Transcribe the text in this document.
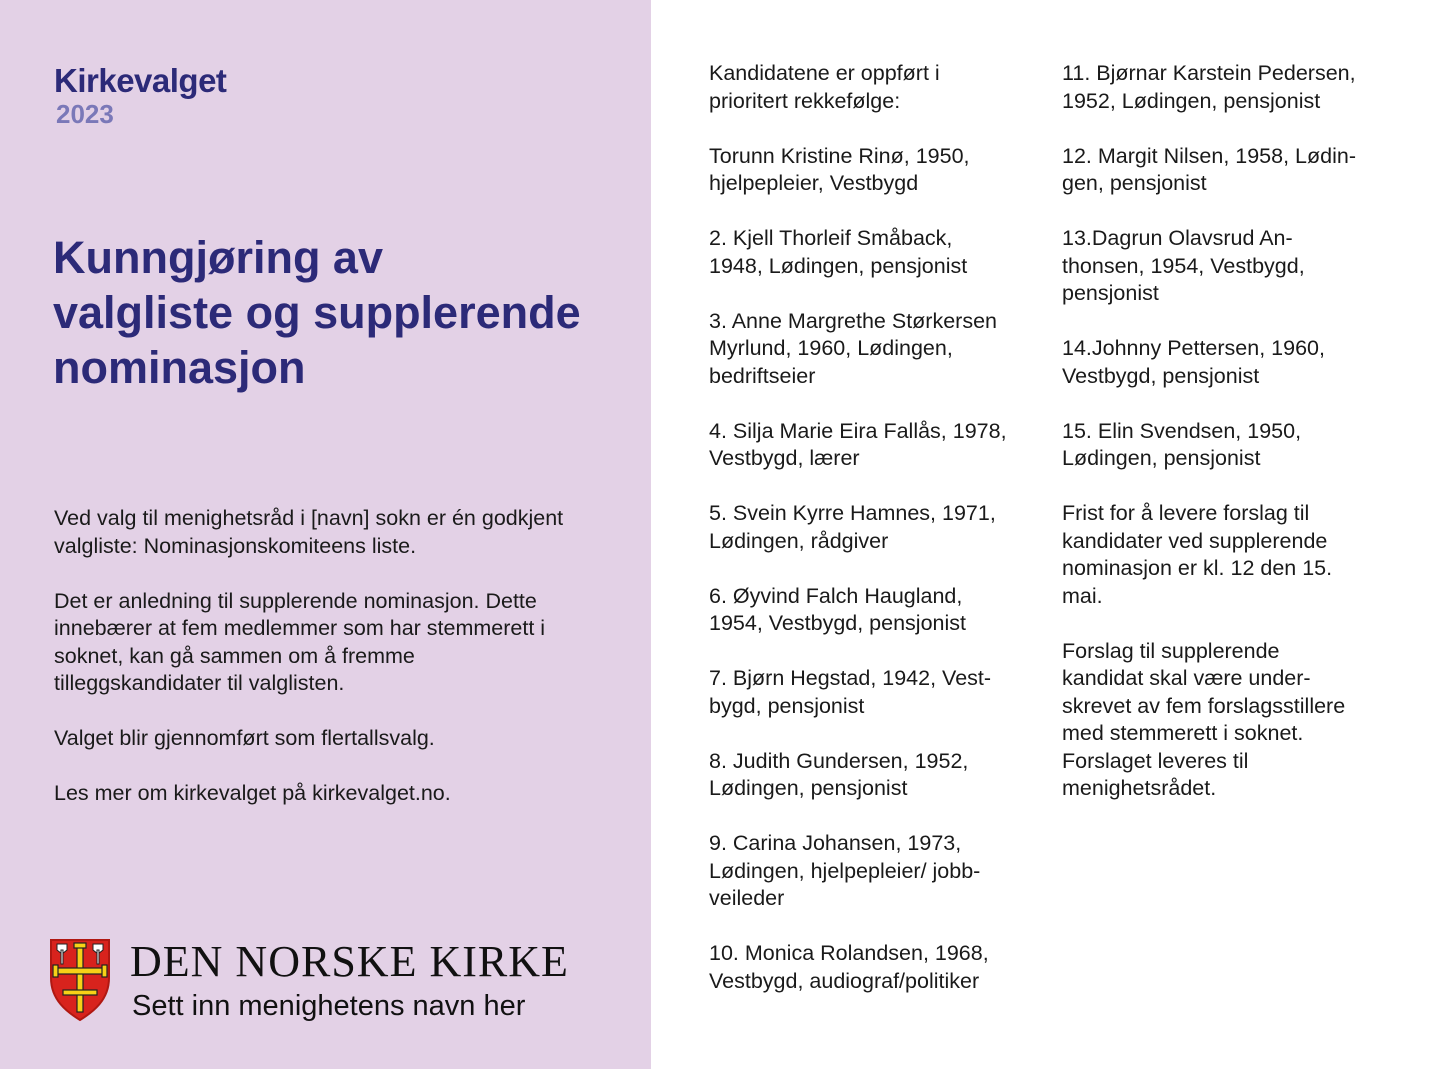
Kirkevalget
2023
Kunngjøring av
valgliste og supplerende
nominasjon

Ved valg til menighetsråd i [navn] sokn er én godkjent
valgliste: Nominasjonskomiteens liste.

Det er anledning til supplerende nominasjon. Dette
innebærer at fem medlemmer som har stemmerett i
soknet, kan gå sammen om å fremme
tilleggskandidater til valglisten.

Valget blir gjennomført som flertallsvalg.

Les mer om kirkevalget på kirkevalget.no.

DEN NORSKE KIRKE
Sett inn menighetens navn her

Kandidatene er oppført i
prioritert rekkefølge:

Torunn Kristine Rinø, 1950,
hjelpepleier, Vestbygd

2. Kjell Thorleif Småback,
1948, Lødingen, pensjonist

3. Anne Margrethe Størkersen
Myrlund, 1960, Lødingen,
bedriftseier

4. Silja Marie Eira Fallås, 1978,
Vestbygd, lærer

5. Svein Kyrre Hamnes, 1971,
Lødingen, rådgiver

6. Øyvind Falch Haugland,
1954, Vestbygd, pensjonist

7. Bjørn Hegstad, 1942, Vest-
bygd, pensjonist

8. Judith Gundersen, 1952,
Lødingen, pensjonist

9. Carina Johansen, 1973,
Lødingen, hjelpepleier/ jobb-
veileder

10. Monica Rolandsen, 1968,
Vestbygd, audiograf/politiker

11. Bjørnar Karstein Pedersen,
1952, Lødingen, pensjonist

12. Margit Nilsen, 1958, Lødin-
gen, pensjonist

13.Dagrun Olavsrud An-
thonsen, 1954, Vestbygd,
pensjonist

14.Johnny Pettersen, 1960,
Vestbygd, pensjonist

15. Elin Svendsen, 1950,
Lødingen, pensjonist

Frist for å levere forslag til
kandidater ved supplerende
nominasjon er kl. 12 den 15.
mai.

Forslag til supplerende
kandidat skal være under-
skrevet av fem forslagsstillere
med stemmerett i soknet.
Forslaget leveres til
menighetsrådet.
